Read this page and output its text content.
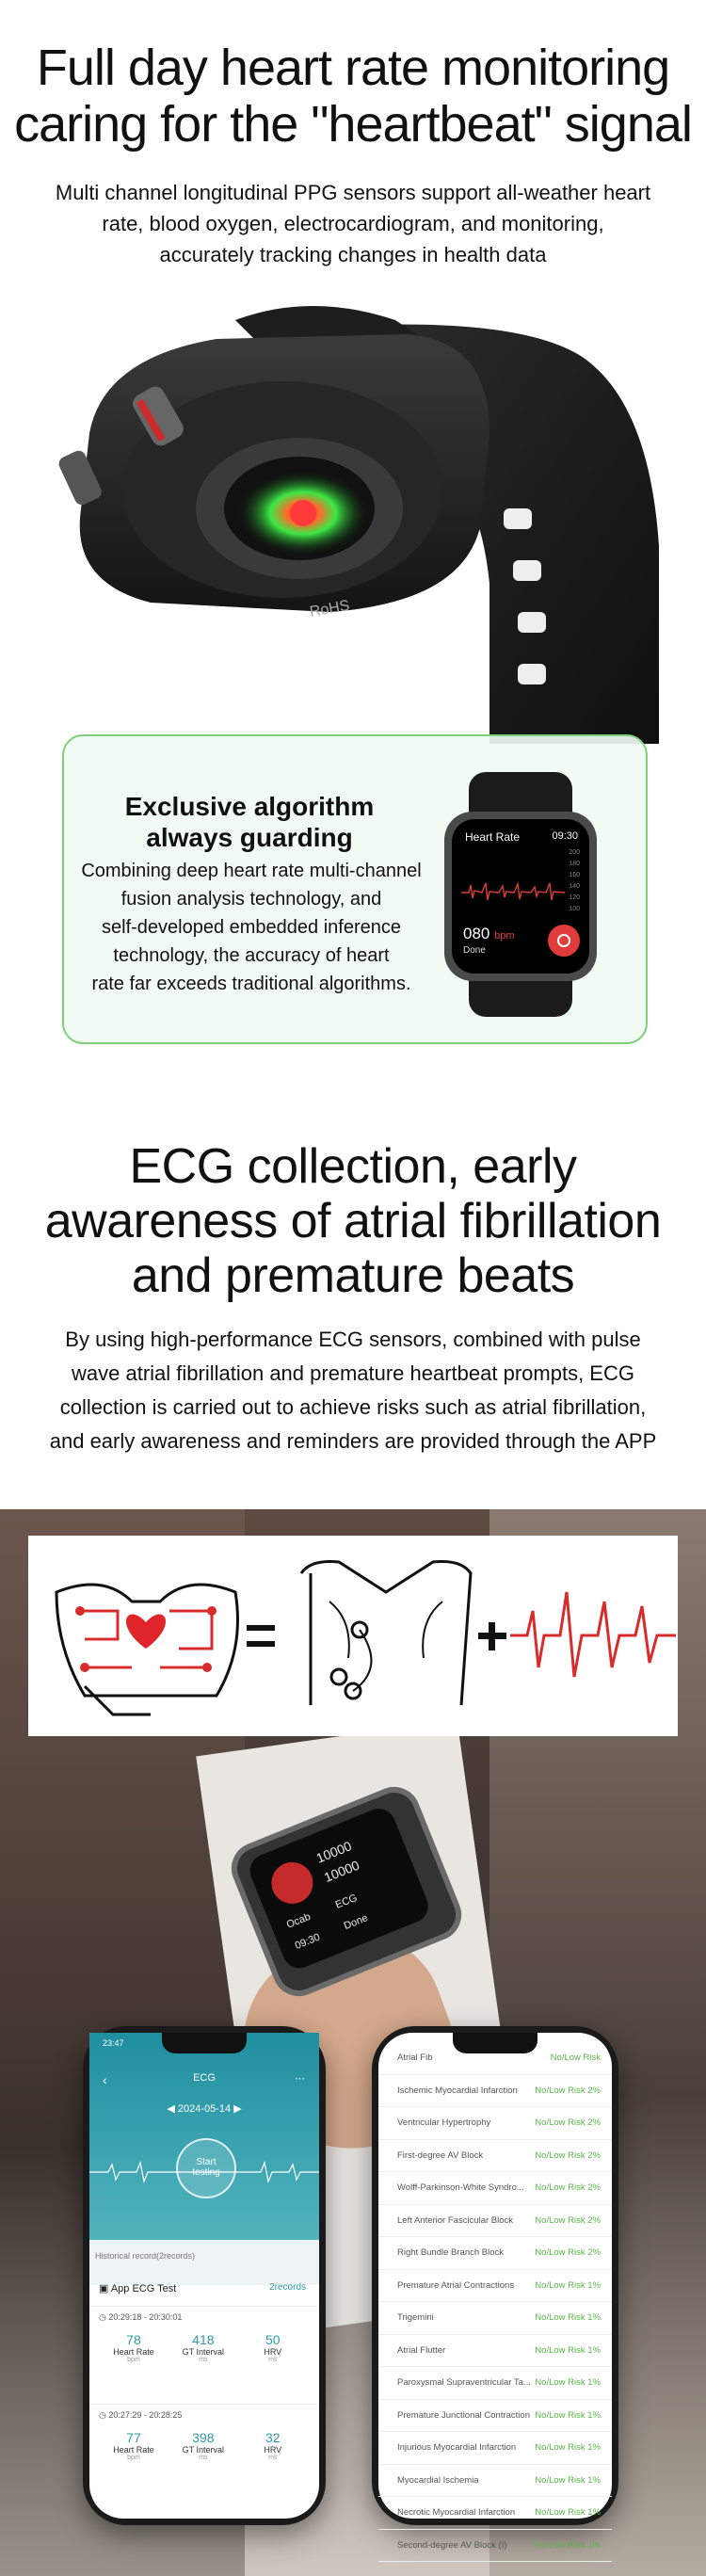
Full day heart rate monitoring
caring for the "heartbeat" signal
Multi channel longitudinal PPG sensors support all-weather heart
rate, blood oxygen, electrocardiogram, and monitoring,
accurately tracking changes in health data
RoHS
Exclusive algorithm
always guarding
Combining deep heart rate multi-channel
fusion analysis technology, and
self-developed embedded inference
technology, the accuracy of heart
rate far exceeds traditional algorithms.
Heart Rate	09:30
200
180
160
140
120
100
080 bpm
Done
ECG collection, early
awareness of atrial fibrillation
and premature beats
By using high-performance ECG sensors, combined with pulse
wave atrial fibrillation and premature heartbeat prompts, ECG
collection is carried out to achieve risks such as atrial fibrillation,
and early awareness and reminders are provided through the APP
10000
10000
Ocab
ECG
09:30
Done
23:47
‹	ECG	⋯
◀ 2024-05-14 ▶
Start
testing
Historical record(2records)
▣ App ECG Test	2records
◷ 20:29:18 - 20:30:01
78
Heart Rate
bpm
418
GT Interval
ms
50
HRV
ms
◷ 20:27:29 - 20:28:25
77
Heart Rate
bpm
398
GT Interval
ms
32
HRV
ms
Atrial Fib	No/Low Risk
Ischemic Myocardial Infarction No/Low Risk 2%
Ventricular Hypertrophy	No/Low Risk 2%
First-degree AV Block	No/Low Risk 2%
Wolff-Parkinson-White Syndro... No/Low Risk 2%
Left Anterior Fascicular Block No/Low Risk 2%
Right Bundle Branch Block	No/Low Risk 2%
Premature Atrial Contractions No/Low Risk 1%
Trigemini	No/Low Risk 1%
Atrial Flutter	No/Low Risk 1%
Paroxysmal Supraventricular Ta... No/Low Risk 1%
Premature Junctional Contraction No/Low Risk 1%
Injurious Myocardial Infarction No/Low Risk 1%
Myocardial Ischemia	No/Low Risk 1%
Necrotic Myocardial Infarction No/Low Risk 1%
Second-degree AV Block (I)	No/Low Risk 1%
